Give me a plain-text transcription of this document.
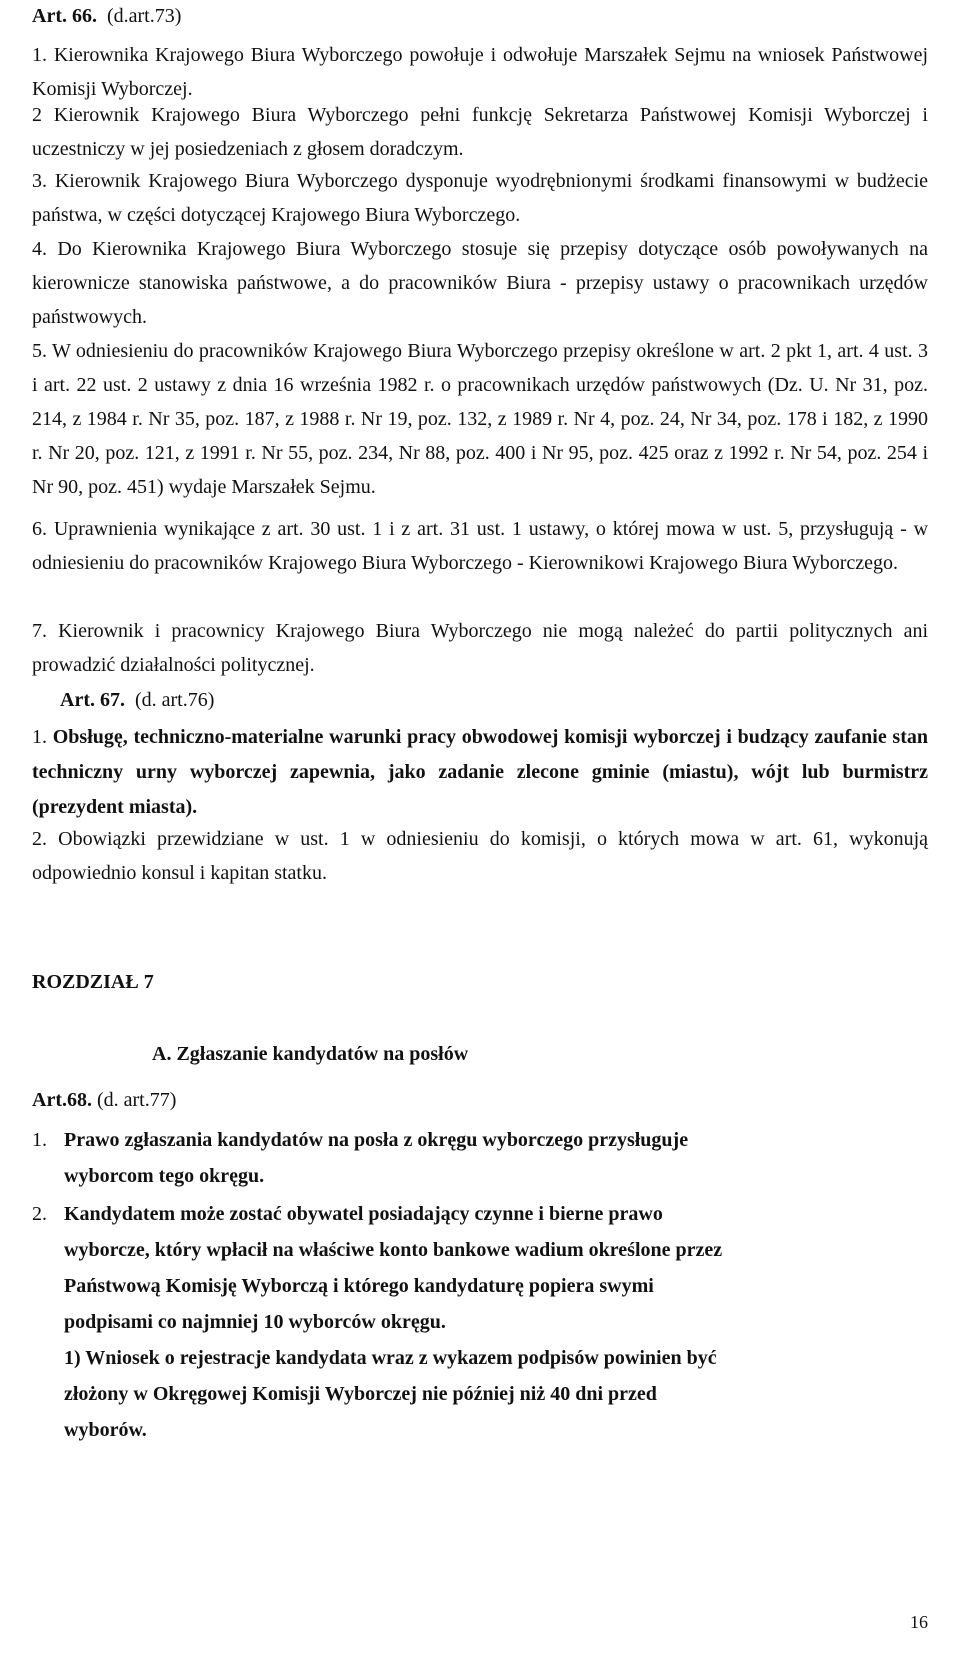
Art. 66. (d.art.73)

1. Kierownika Krajowego Biura Wyborczego powołuje i odwołuje Marszałek Sejmu na wniosek Państwowej Komisji Wyborczej.

2 Kierownik Krajowego Biura Wyborczego pełni funkcję Sekretarza Państwowej Komisji Wyborczej i uczestniczy w jej posiedzeniach z głosem doradczym.

3. Kierownik Krajowego Biura Wyborczego dysponuje wyodrębnionymi środkami finansowymi w budżecie państwa, w części dotyczącej Krajowego Biura Wyborczego.

4. Do Kierownika Krajowego Biura Wyborczego stosuje się przepisy dotyczące osób powoływanych na kierownicze stanowiska państwowe, a do pracowników Biura - przepisy ustawy o pracownikach urzędów państwowych.

5. W odniesieniu do pracowników Krajowego Biura Wyborczego przepisy określone w art. 2 pkt 1, art. 4 ust. 3 i art. 22 ust. 2 ustawy z dnia 16 września 1982 r. o pracownikach urzędów państwowych (Dz. U. Nr 31, poz. 214, z 1984 r. Nr 35, poz. 187, z 1988 r. Nr 19, poz. 132, z 1989 r. Nr 4, poz. 24, Nr 34, poz. 178 i 182, z 1990 r. Nr 20, poz. 121, z 1991 r. Nr 55, poz. 234, Nr 88, poz. 400 i Nr 95, poz. 425 oraz z 1992 r. Nr 54, poz. 254 i Nr 90, poz. 451) wydaje Marszałek Sejmu.

6. Uprawnienia wynikające z art. 30 ust. 1 i z art. 31 ust. 1 ustawy, o której mowa w ust. 5, przysługują - w odniesieniu do pracowników Krajowego Biura Wyborczego - Kierownikowi Krajowego Biura Wyborczego.

7. Kierownik i pracownicy Krajowego Biura Wyborczego nie mogą należeć do partii politycznych ani prowadzić działalności politycznej.

Art. 67. (d. art.76)

1. Obsługę, techniczno-materialne warunki pracy obwodowej komisji wyborczej i budzący zaufanie stan techniczny urny wyborczej zapewnia, jako zadanie zlecone gminie (miastu), wójt lub burmistrz (prezydent miasta).

2. Obowiązki przewidziane w ust. 1 w odniesieniu do komisji, o których mowa w art. 61, wykonują odpowiednio konsul i kapitan statku.

ROZDZIAŁ 7

A. Zgłaszanie kandydatów na posłów

Art.68. (d. art.77)

1. Prawo zgłaszania kandydatów na posła z okręgu wyborczego przysługuje
wyborcom tego okręgu.
2. Kandydatem może zostać obywatel posiadający czynne i bierne prawo
wyborcze, który wpłacił na właściwe konto bankowe wadium określone przez
Państwową Komisję Wyborczą i którego kandydaturę popiera swymi
podpisami co najmniej 10 wyborców okręgu.
1) Wniosek o rejestracje kandydata wraz z wykazem podpisów powinien być
złożony w Okręgowej Komisji Wyborczej nie później niż 40 dni przed
wyborów.
16
